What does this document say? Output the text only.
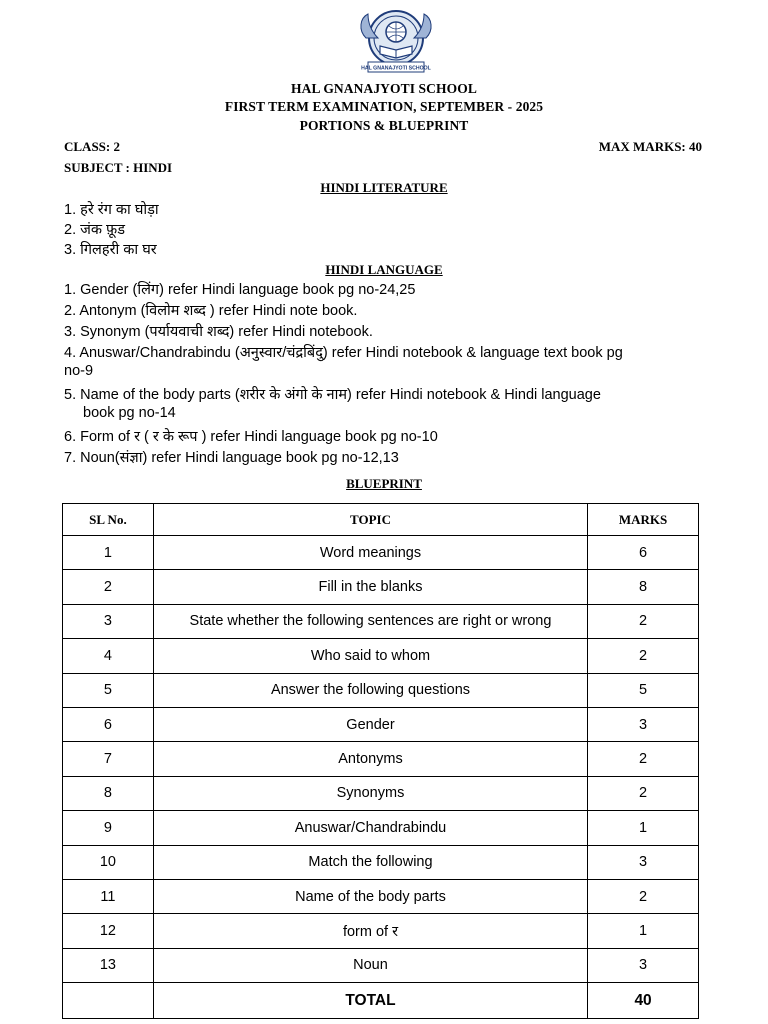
HAL GNANAJYOTI SCHOOL
HAL GNANAJYOTI SCHOOL
FIRST TERM EXAMINATION, SEPTEMBER - 2025
PORTIONS & BLUEPRINT
CLASS: 2	MAX MARKS: 40
SUBJECT : HINDI
HINDI LITERATURE
1. हरे रंग का घोड़ा
2. जंक फ़ूड
3. गिलहरी का घर
HINDI LANGUAGE
1. Gender (लिंग) refer Hindi language book pg no-24,25
2. Antonym (विलोम शब्द ) refer Hindi note book.
3. Synonym (पर्यायवाची शब्द) refer Hindi notebook.
4. Anuswar/Chandrabindu (अनुस्वार/चंद्रबिंदु) refer Hindi notebook & language text book pg
no-9
5. Name of the body parts (शरीर के अंगो के नाम) refer Hindi notebook & Hindi language
book pg no-14
6. Form of र ( र के रूप ) refer Hindi language book pg no-10
7. Noun(संज्ञा) refer Hindi language book pg no-12,13
BLUEPRINT
SL No.	TOPIC	MARKS
1	Word meanings	6
2	Fill in the blanks	8
3	State whether the following sentences are right or wrong	2
4	Who said to whom	2
5	Answer the following questions	5
6	Gender	3
7	Antonyms	2
8	Synonyms	2
9	Anuswar/Chandrabindu	1
10	Match the following	3
11	Name of the body parts	2
12	form of र	1
13	Noun	3
	TOTAL	40
